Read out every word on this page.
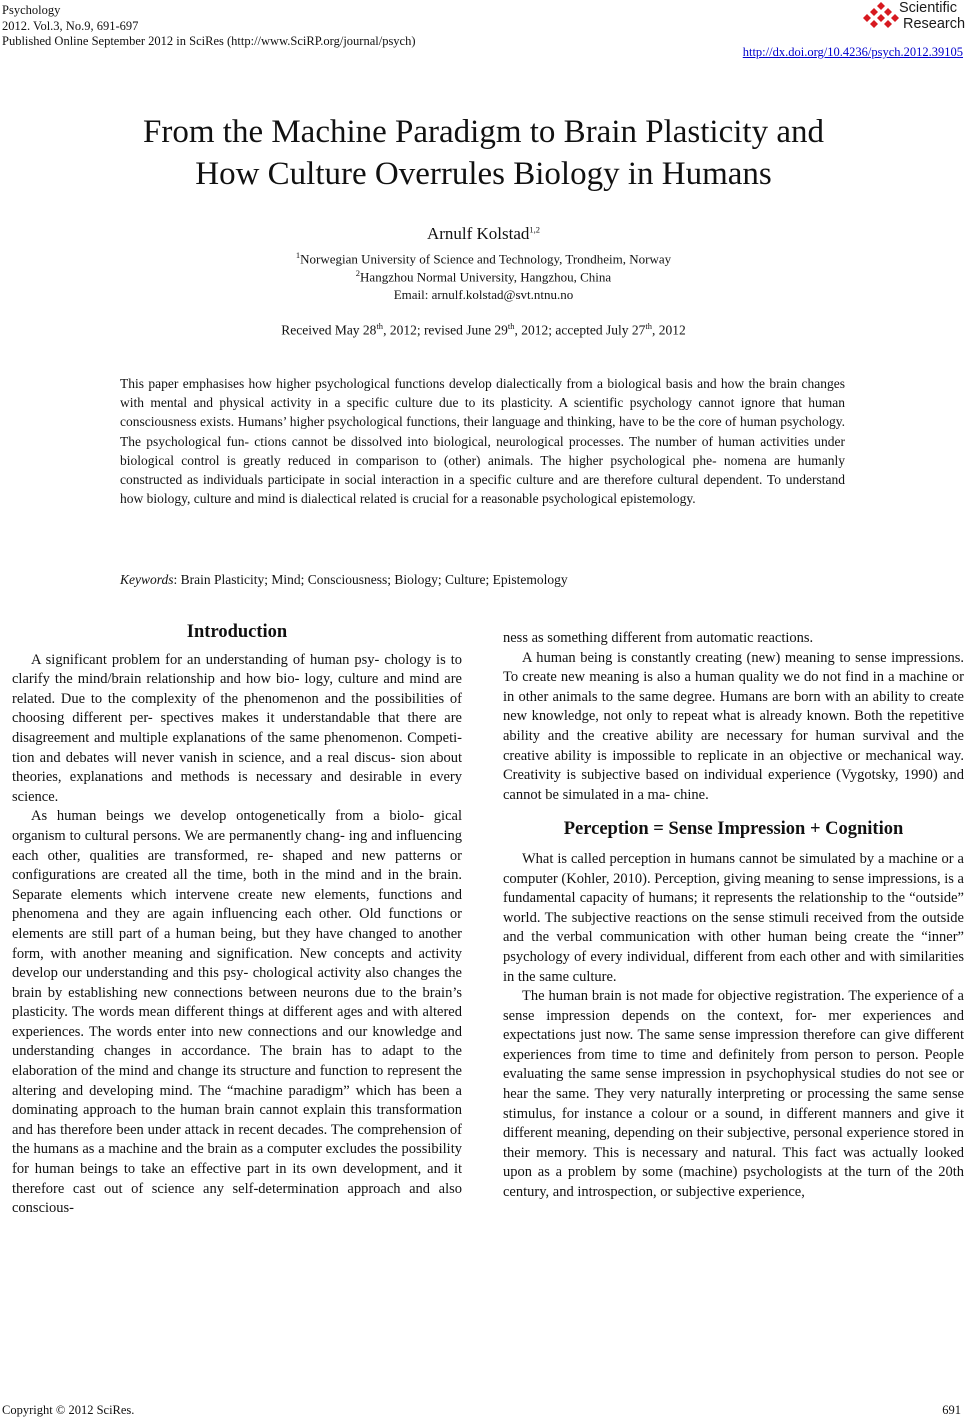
Psychology
2012. Vol.3, No.9, 691-697
Published Online September 2012 in SciRes (http://www.SciRP.org/journal/psych)
http://dx.doi.org/10.4236/psych.2012.39105
Scientific
Research
From the Machine Paradigm to Brain Plasticity and
How Culture Overrules Biology in Humans
Arnulf Kolstad$^{1,2}$
$^1$Norwegian University of Science and Technology, Trondheim, Norway
$^2$Hangzhou Normal University, Hangzhou, China
Email: arnulf.kolstad@svt.ntnu.no
Received May 28th, 2012; revised June 29th, 2012; accepted July 27th, 2012
This paper emphasises how higher psychological functions develop dialectically from a biological basis and how the brain changes with mental and physical activity in a specific culture due to its plasticity. A scientific psychology cannot ignore that human consciousness exists. Humans’ higher psychological functions, their language and thinking, have to be the core of human psychology. The psychological fun- ctions cannot be dissolved into biological, neurological processes. The number of human activities under biological control is greatly reduced in comparison to (other) animals. The higher psychological phe- nomena are humanly constructed as individuals participate in social interaction in a specific culture and are therefore cultural dependent. To understand how biology, culture and mind is dialectical related is crucial for a reasonable psychological epistemology.
Keywords: Brain Plasticity; Mind; Consciousness; Biology; Culture; Epistemology
Introduction

A significant problem for an understanding of human psy- chology is to clarify the mind/brain relationship and how bio- logy, culture and mind are related. Due to the complexity of the phenomenon and the possibilities of choosing different per- spectives makes it understandable that there are disagreement and multiple explanations of the same phenomenon. Competi- tion and debates will never vanish in science, and a real discus- sion about theories, explanations and methods is necessary and desirable in every science.

As human beings we develop ontogenetically from a biolo- gical organism to cultural persons. We are permanently chang- ing and influencing each other, qualities are transformed, re- shaped and new patterns or configurations are created all the time, both in the mind and in the brain. Separate elements which intervene create new elements, functions and phenomena and they are again influencing each other. Old functions or elements are still part of a human being, but they have changed to another form, with another meaning and signification. New concepts and activity develop our understanding and this psy- chological activity also changes the brain by establishing new connections between neurons due to the brain’s plasticity. The words mean different things at different ages and with altered experiences. The words enter into new connections and our knowledge and understanding changes in accordance. The brain has to adapt to the elaboration of the mind and change its structure and function to represent the altering and developing mind. The “machine paradigm” which has been a dominating approach to the human brain cannot explain this transformation and has therefore been under attack in recent decades. The comprehension of the humans as a machine and the brain as a computer excludes the possibility for human beings to take an effective part in its own development, and it therefore cast out of science any self-determination approach and also conscious-

ness as something different from automatic reactions.

A human being is constantly creating (new) meaning to sense impressions. To create new meaning is also a human quality we do not find in a machine or in other animals to the same degree. Humans are born with an ability to create new knowledge, not only to repeat what is already known. Both the repetitive ability and the creative ability are necessary for human survival and the creative ability is impossible to replicate in an objective or mechanical way. Creativity is subjective based on individual experience (Vygotsky, 1990) and cannot be simulated in a ma- chine.

Perception = Sense Impression + Cognition

What is called perception in humans cannot be simulated by a machine or a computer (Kohler, 2010). Perception, giving meaning to sense impressions, is a fundamental capacity of humans; it represents the relationship to the “outside” world. The subjective reactions on the sense stimuli received from the outside and the verbal communication with other human being create the “inner” psychology of every individual, different from each other and with similarities in the same culture.

The human brain is not made for objective registration. The experience of a sense impression depends on the context, for- mer experiences and expectations just now. The same sense impression therefore can give different experiences from time to time and definitely from person to person. People evaluating the same sense impression in psychophysical studies do not see or hear the same. They very naturally interpreting or processing the same sense stimulus, for instance a colour or a sound, in different manners and give it different meaning, depending on their subjective, personal experience stored in their memory. This is necessary and natural. This fact was actually looked upon as a problem by some (machine) psychologists at the turn of the 20th century, and introspection, or subjective experience,

Copyright © 2012 SciRes.	691
